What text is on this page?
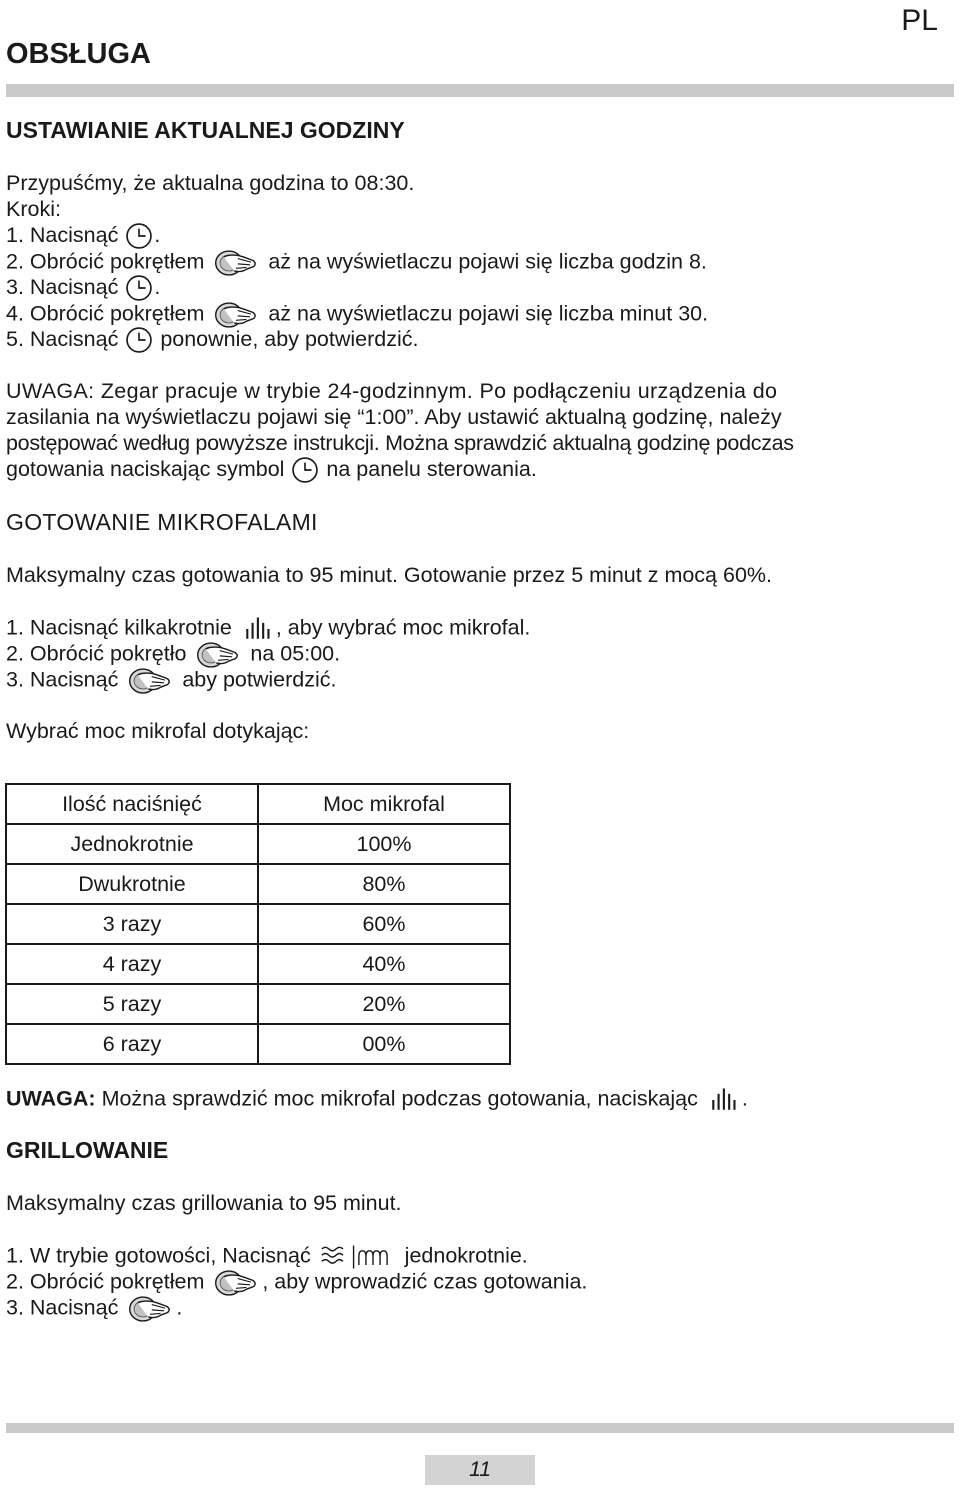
PL
OBSŁUGA
USTAWIANIE AKTUALNEJ GODZINY
Przypuśćmy, że aktualna godzina to 08:30.
Kroki:
1. Nacisnąć .
2. Obrócić pokrętłem	aż na wyświetlaczu pojawi się liczba godzin 8.
3. Nacisnąć .
4. Obrócić pokrętłem	aż na wyświetlaczu pojawi się liczba minut 30.
5. Nacisnąć ponownie, aby potwierdzić.
UWAGA: Zegar pracuje w trybie 24-godzinnym. Po podłączeniu urządzenia do
zasilania na wyświetlaczu pojawi się “1:00”. Aby ustawić aktualną godzinę, należy
postępować według powyższe instrukcji. Można sprawdzić aktualną godzinę podczas
gotowania naciskając symbol na panelu sterowania.
GOTOWANIE MIKROFALAMI
Maksymalny czas gotowania to 95 minut. Gotowanie przez 5 minut z mocą 60%.
1. Nacisnąć kilkakrotnie , aby wybrać moc mikrofal.
2. Obrócić pokrętło	na 05:00.
3. Nacisnąć	aby potwierdzić.
Wybrać moc mikrofal dotykając:
Ilość naciśnięć	Moc mikrofal
Jednokrotnie	100%
Dwukrotnie	80%
3 razy	60%
4 razy	40%
5 razy	20%
6 razy	00%
UWAGA: Można sprawdzić moc mikrofal podczas gotowania, naciskając .
GRILLOWANIE
Maksymalny czas grillowania to 95 minut.
1. W trybie gotowości, Nacisnąć	jednokrotnie.
2. Obrócić pokrętłem	, aby wprowadzić czas gotowania.
3. Nacisnąć	.
11
